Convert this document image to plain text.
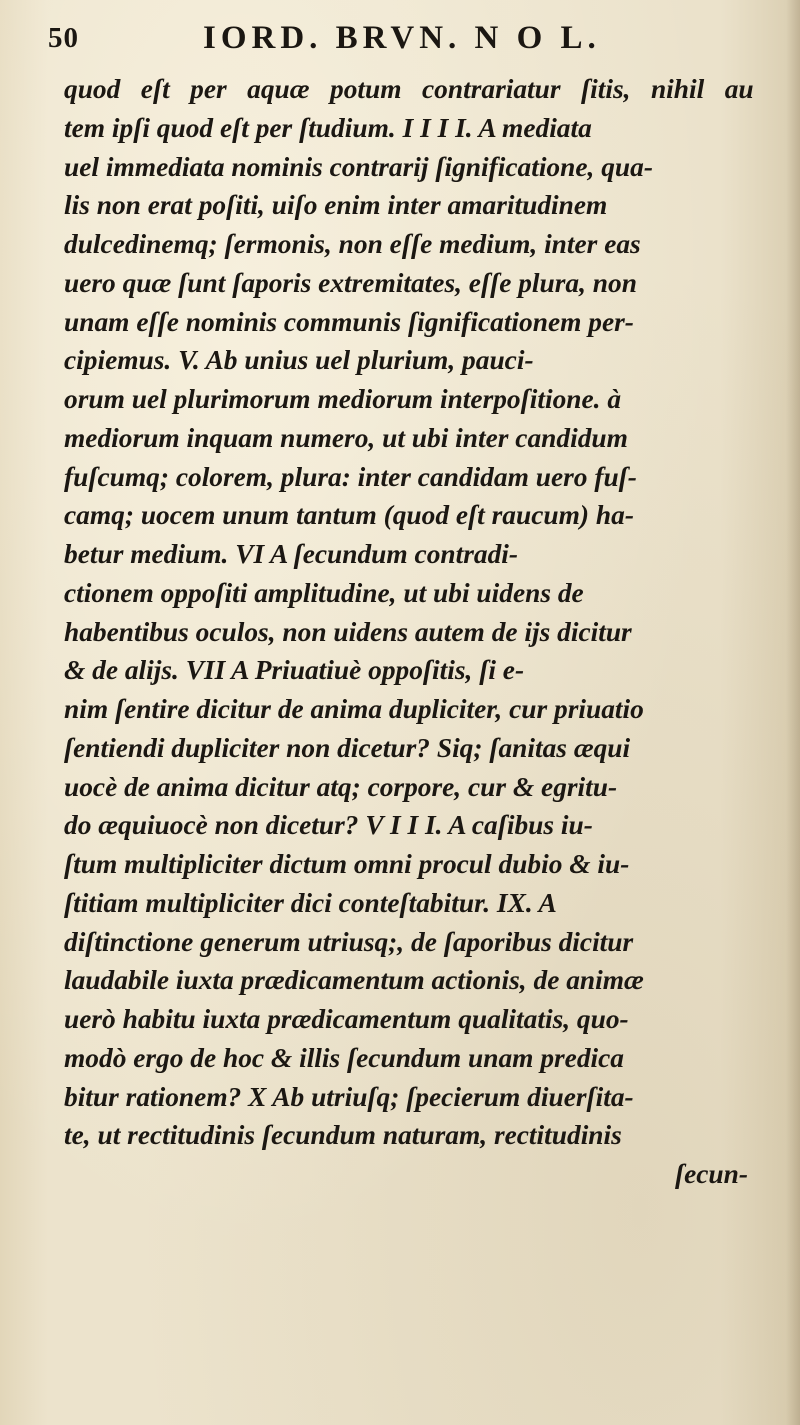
50	IORD. BRVN. N O L.
quod eſt per aquæ potum contrariatur ſitis, nihil au
tem ipſi quod eſt per ſtudium. I I I I. A mediata
uel immediata nominis contrarij ſignificatione, qua-
lis non erat poſiti, uiſo enim inter amaritudinem
dulcedinemq; ſermonis, non eſſe medium, inter eas
uero quæ ſunt ſaporis extremitates, eſſe plura, non
unam eſſe nominis communis ſignificationem per-
cipiemus. V. Ab unius uel plurium, pauci-
orum uel plurimorum mediorum interpoſitione. à
mediorum inquam numero, ut ubi inter candidum
fuſcumq; colorem, plura: inter candidam uero fuſ-
camq; uocem unum tantum (quod eſt raucum) ha-
betur medium. VI A ſecundum contradi-
ctionem oppoſiti amplitudine, ut ubi uidens de
habentibus oculos, non uidens autem de ijs dicitur
& de alijs. VII A Priuatiuè oppoſitis, ſi e-
nim ſentire dicitur de anima dupliciter, cur priuatio
ſentiendi dupliciter non dicetur? Siq; ſanitas æqui
uocè de anima dicitur atq; corpore, cur & egritu-
do æquiuocè non dicetur? V I I I. A caſibus iu-
ſtum multipliciter dictum omni procul dubio & iu-
ſtitiam multipliciter dici conteſtabitur. IX. A
diſtinctione generum utriusq;, de ſaporibus dicitur
laudabile iuxta prædicamentum actionis, de animæ
uerò habitu iuxta prædicamentum qualitatis, quo-
modò ergo de hoc & illis ſecundum unam predica
bitur rationem? X Ab utriuſq; ſpecierum diuerſita-
te, ut rectitudinis ſecundum naturam, rectitudinis
ſecun-
